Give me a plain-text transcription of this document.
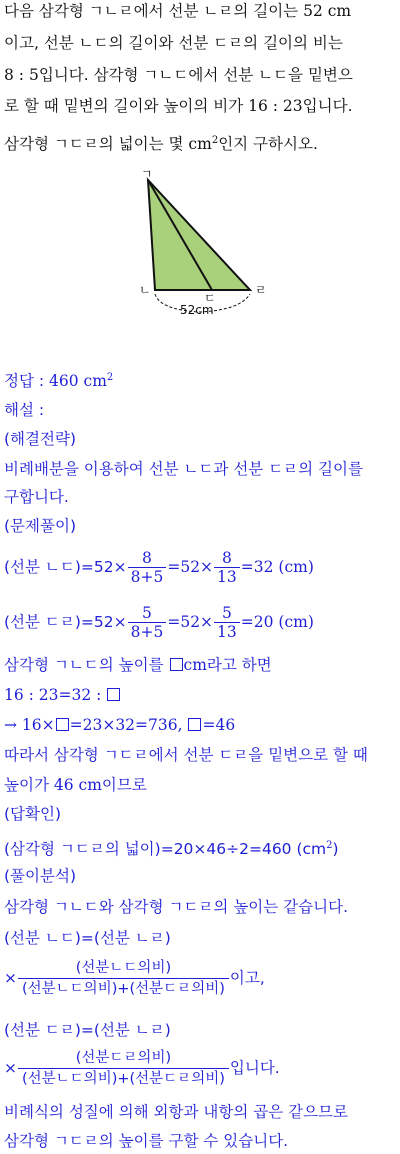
다음 삼각형 ㄱㄴㄹ에서 선분 ㄴㄹ의 길이는 52 cm
이고, 선분 ㄴㄷ의 길이와 선분 ㄷㄹ의 길이의 비는
8 : 5입니다. 삼각형 ㄱㄴㄷ에서 선분 ㄴㄷ을 밑변으
로 할 때 밑변의 길이와 높이의 비가 16 : 23입니다.
삼각형 ㄱㄷㄹ의 넓이는 몇 $cm^2$인지 구하시오.
ㄱ
ㄴ
ㄷ
ㄹ
52cm
정답 : 460 $cm^2$
해설 :
(해결전략)
비례배분을 이용하여 선분 ㄴㄷ과 선분 ㄷㄹ의 길이를
구합니다.
(문제풀이)
(선분 ㄴㄷ)$=52\times \frac{8}{8+5} =52\times \frac{8}{13} =32$ (cm)
(선분 ㄷㄹ)$=52\times \frac{5}{8+5} =52\times \frac{5}{13} =20$ (cm)
삼각형 ㄱㄴㄷ의 높이를 cm라고 하면
16 : 23=32 :
→ 16× =23×32=736, =46
따라서 삼각형 ㄱㄷㄹ에서 선분 ㄷㄹ을 밑변으로 할 때
높이가 46 cm이므로
(답확인)
(삼각형 ㄱㄷㄹ의 넓이)=20×46÷2=460 $(cm^2)$
(풀이분석)
삼각형 ㄱㄴㄷ와 삼각형 ㄱㄷㄹ의 높이는 같습니다.
(선분 ㄴㄷ)=(선분 ㄴㄹ)
× $\frac{\text{(선분ㄴㄷ의비)}}{\text{(선분ㄴㄷ의비)+(선분ㄷㄹ의비)}}$ 이고,
(선분 ㄷㄹ)=(선분 ㄴㄹ)
× $\frac{\text{(선분ㄷㄹ의비)}}{\text{(선분ㄴㄷ의비)+(선분ㄷㄹ의비)}}$ 입니다.
비례식의 성질에 의해 외항과 내항의 곱은 같으므로
삼각형 ㄱㄷㄹ의 높이를 구할 수 있습니다.
